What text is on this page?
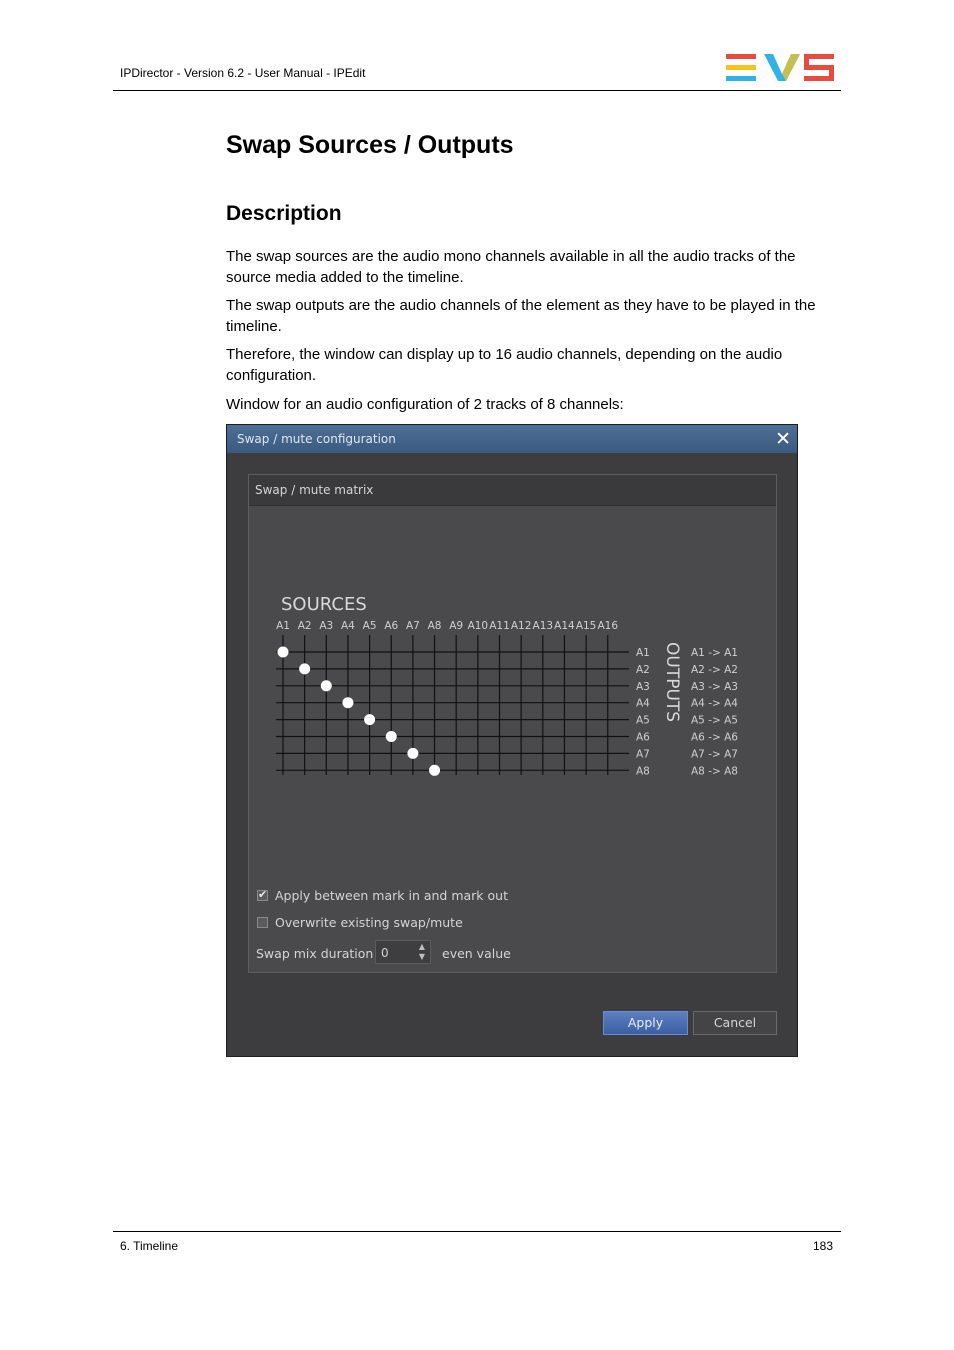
IPDirector - Version 6.2 - User Manual - IPEdit
Swap Sources / Outputs
Description

The swap sources are the audio mono channels available in all the audio tracks of the source media added to the timeline.

The swap outputs are the audio channels of the element as they have to be played in the timeline.

Therefore, the window can display up to 16 audio channels, depending on the audio configuration.

Window for an audio configuration of 2 tracks of 8 channels:

Swap / mute configuration	✕
Swap / mute matrix
SOURCES
A1 A2 A3 A4 A5 A6 A7 A8 A9 A10 A11 A12 A13 A14 A15 A16
A1
A2
A3
A4
A5
A6
A7
A8
A1 -> A1
A2 -> A2
A3 -> A3
A4 -> A4
A5 -> A5
A6 -> A6
A7 -> A7
A8 -> A8
OUTPUTS
✔
Apply between mark in and mark out
Overwrite existing swap/mute
Swap mix duration 0	▲
▼ even value
Apply	Cancel
6. Timeline	183
